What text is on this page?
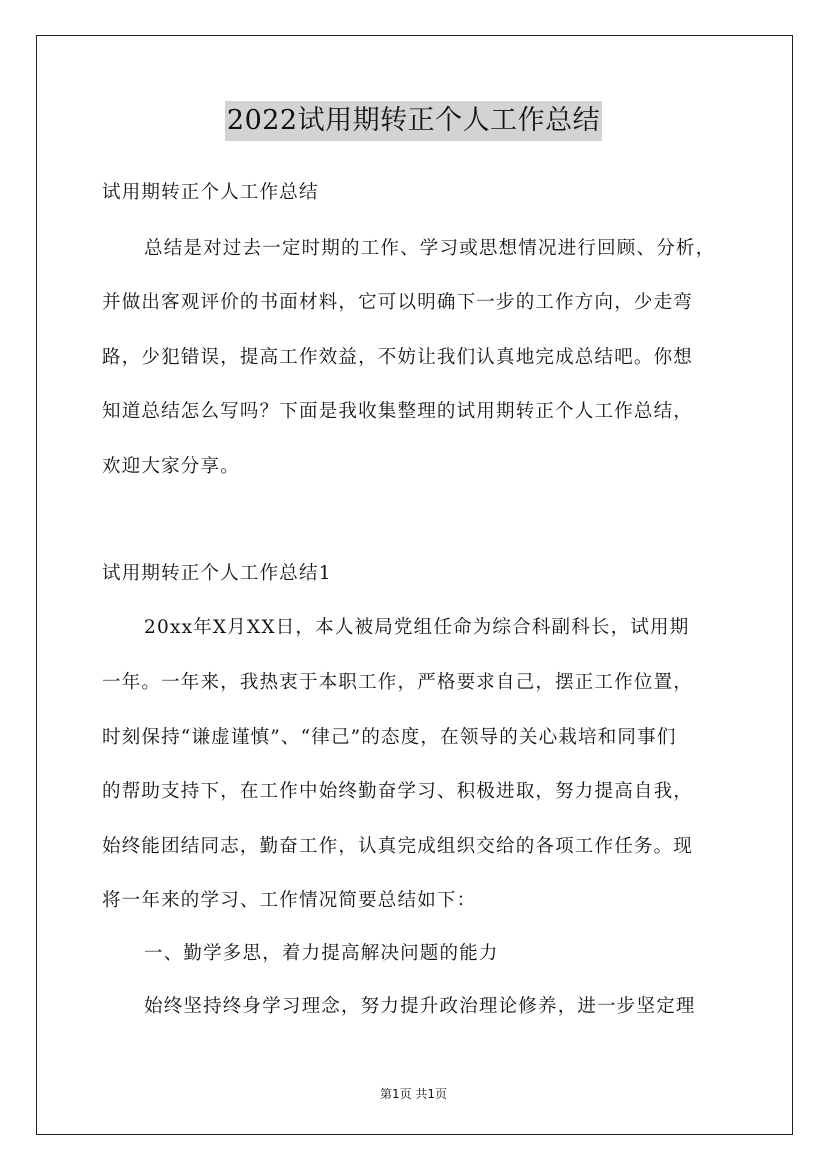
2022试用期转正个人工作总结
试用期转正个人工作总结
总结是对过去一定时期的工作、学习或思想情况进行回顾、分析，
并做出客观评价的书面材料，它可以明确下一步的工作方向，少走弯
路，少犯错误，提高工作效益，不妨让我们认真地完成总结吧。你想
知道总结怎么写吗？下面是我收集整理的试用期转正个人工作总结，
欢迎大家分享。
试用期转正个人工作总结1
20xx年X月XX日，本人被局党组任命为综合科副科长，试用期
一年。一年来，我热衷于本职工作，严格要求自己，摆正工作位置，
时刻保持“谦虚谨慎”、“律己”的态度，在领导的关心栽培和同事们
的帮助支持下，在工作中始终勤奋学习、积极进取，努力提高自我，
始终能团结同志，勤奋工作，认真完成组织交给的各项工作任务。现
将一年来的学习、工作情况简要总结如下：
一、勤学多思，着力提高解决问题的能力
始终坚持终身学习理念，努力提升政治理论修养，进一步坚定理
第1页 共1页
